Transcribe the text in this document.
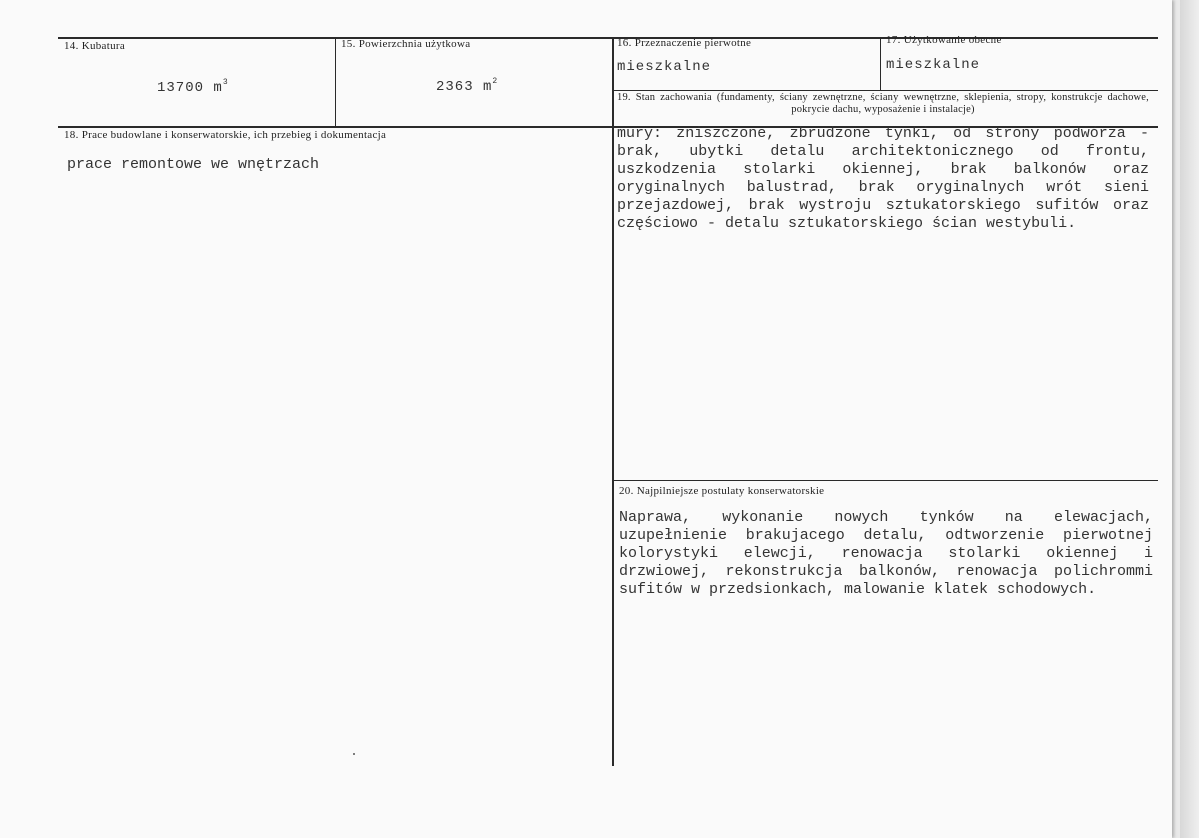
14. Kubatura
13700 $m^3$
15. Powierzchnia użytkowa
2363 $m^2$
16. Przeznaczenie pierwotne
mieszkalne
17. Użytkowanie obecne
mieszkalne
19. Stan zachowania (fundamenty, ściany zewnętrzne, ściany wewnętrzne, sklepienia, stropy, konstrukcje dachowe, pokrycie dachu, wyposażenie i instalacje)
mury: zniszczone, zbrudzone tynki, od strony podwórza - brak, ubytki detalu architektonicznego od frontu, uszkodzenia stolarki okiennej, brak balkonów oraz oryginalnych balustrad, brak oryginalnych wrót sieni przejazdowej, brak wystroju sztukatorskiego sufitów oraz częściowo - detalu sztukatorskiego ścian westybuli.
18. Prace budowlane i konserwatorskie, ich przebieg i dokumentacja
prace remontowe we wnętrzach
20. Najpilniejsze postulaty konserwatorskie
Naprawa, wykonanie nowych tynków na elewacjach, uzupełnienie brakujacego detalu, odtworzenie pierwotnej kolorystyki elewcji, renowacja stolarki okiennej i drzwiowej, rekonstrukcja balkonów, renowacja polichrommi sufitów w przedsionkach, malowanie klatek schodowych.
